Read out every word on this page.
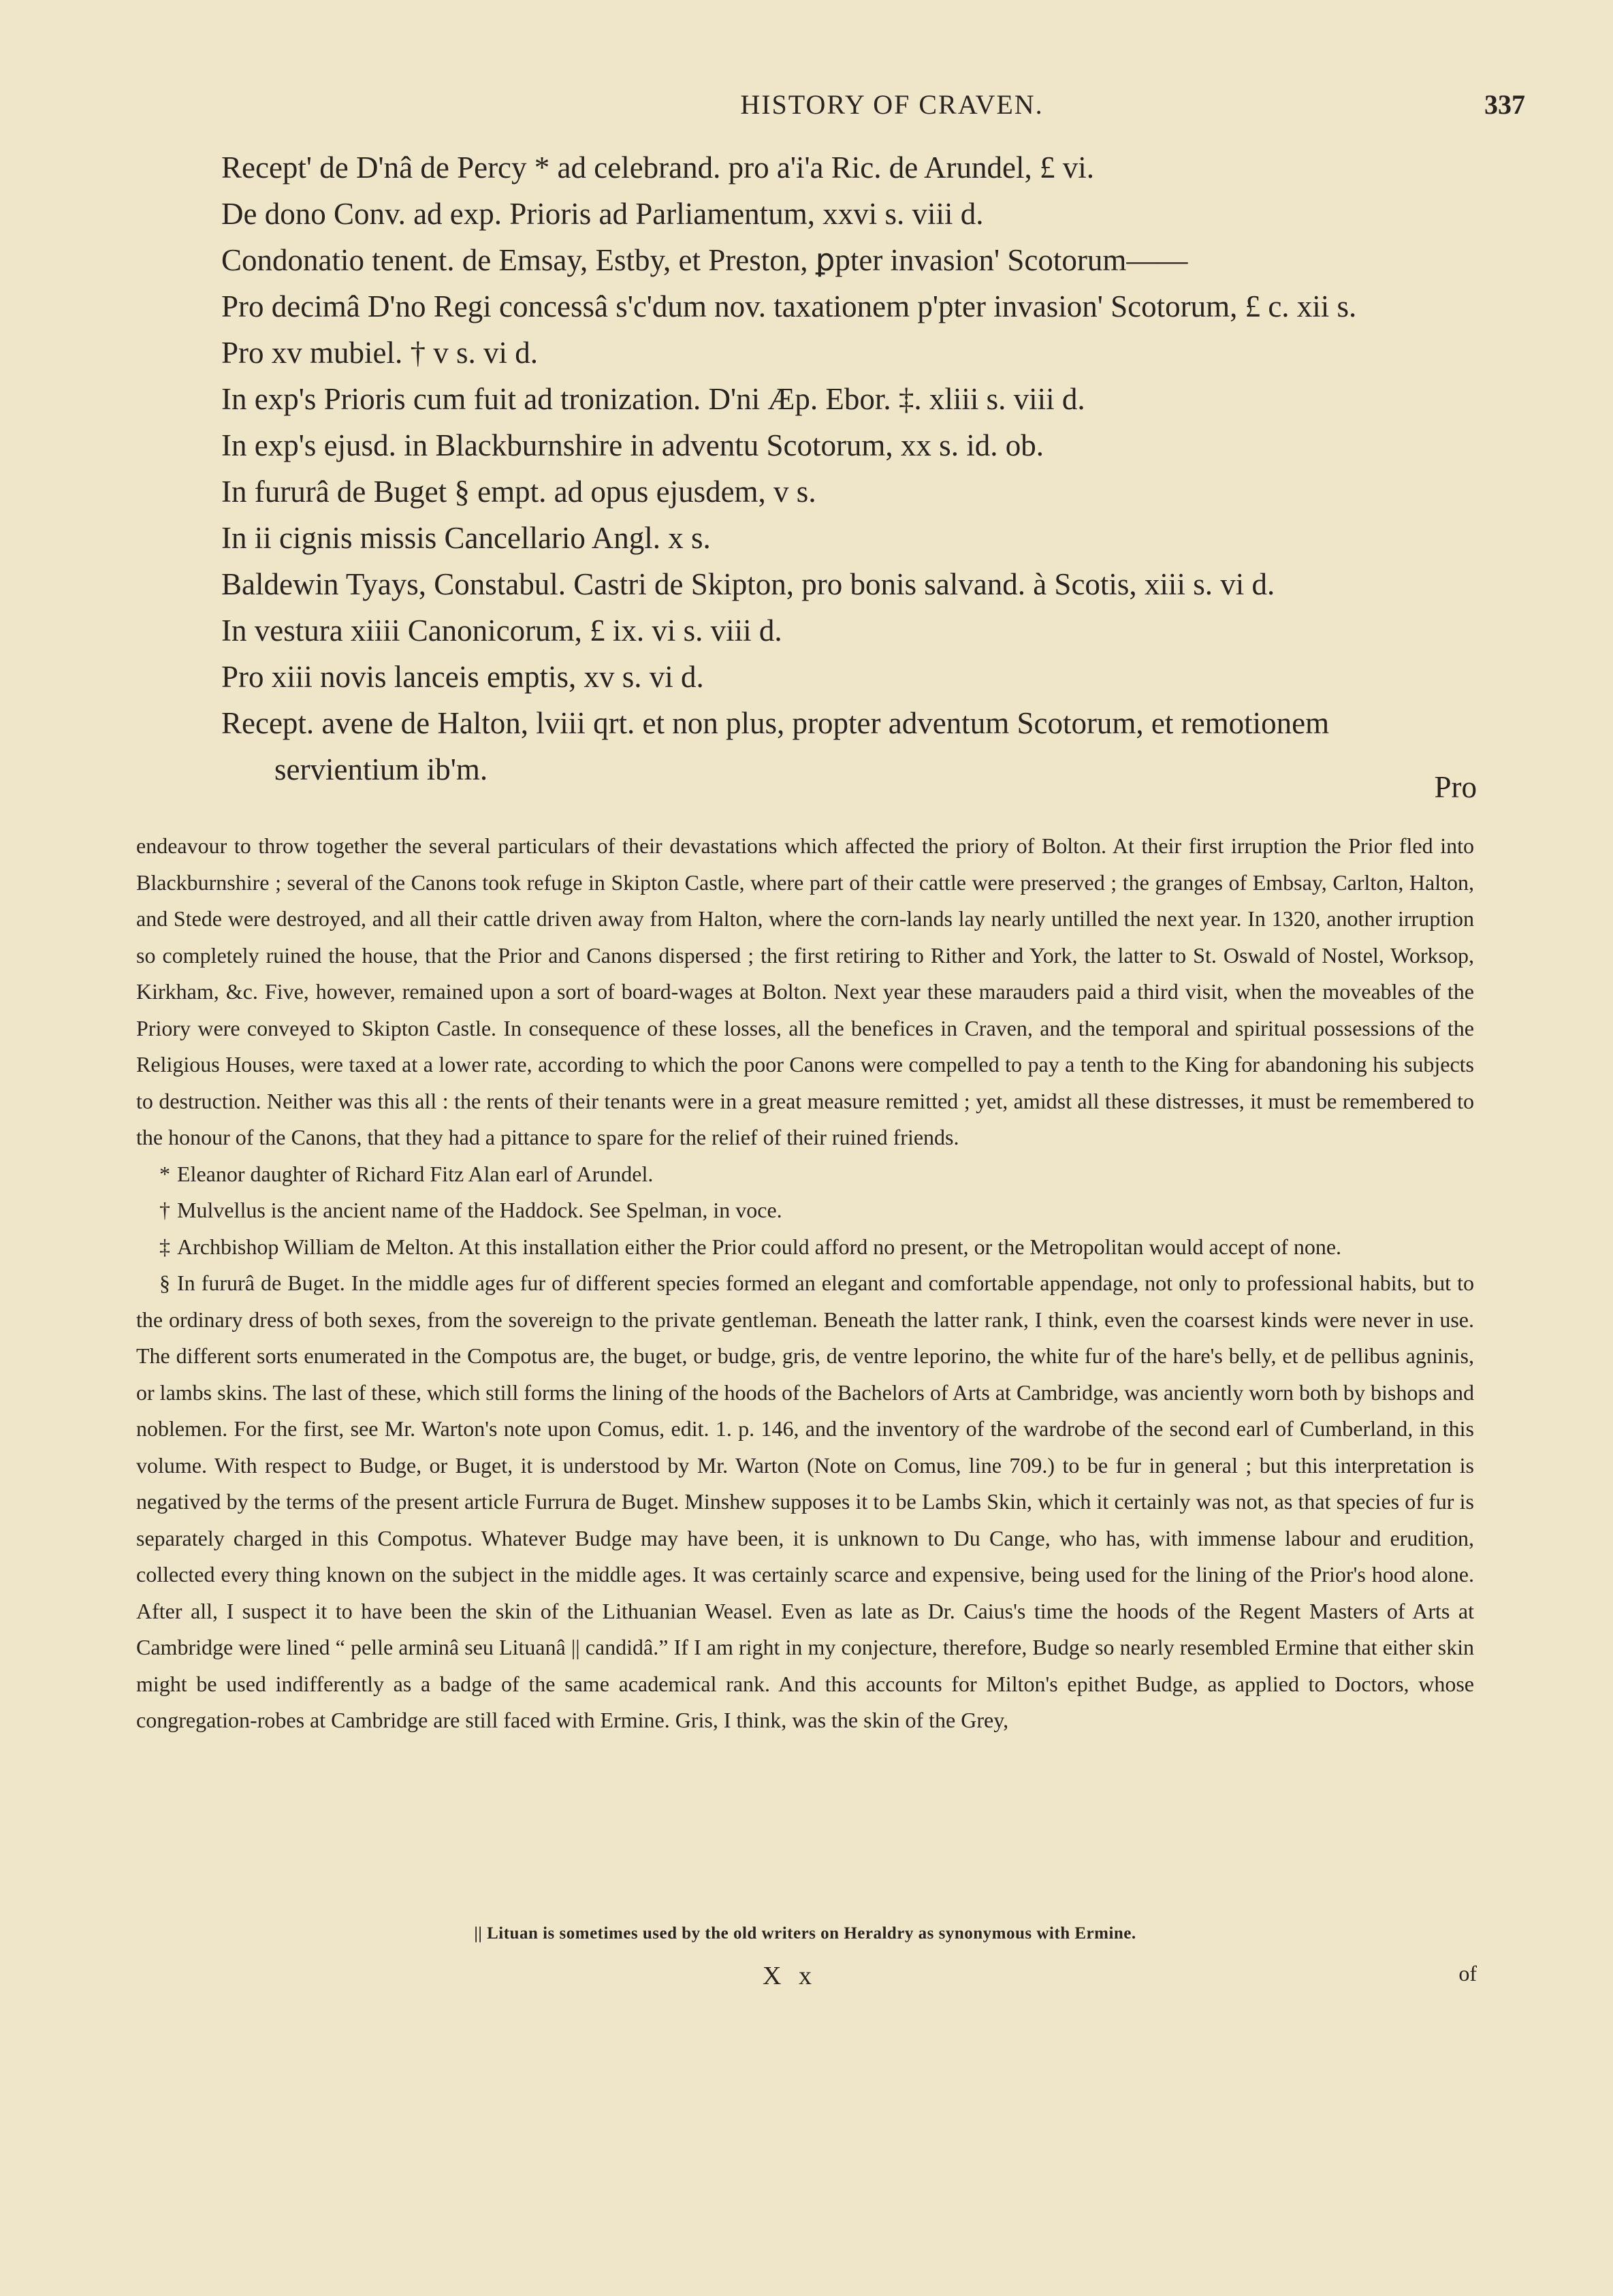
HISTORY OF CRAVEN.	337
Recept' de D'nâ de Percy * ad celebrand. pro a'i'a Ric. de Arundel, £ vi.
De dono Conv. ad exp. Prioris ad Parliamentum, xxvi s. viii d.
Condonatio tenent. de Emsay, Estby, et Preston, ꝑpter invasion' Scotorum——
Pro decimâ D'no Regi concessâ s'c'dum nov. taxationem p'pter invasion' Scotorum, £ c. xii s.
Pro xv mubiel. † v s. vi d.
In exp's Prioris cum fuit ad tronization. D'ni Æp. Ebor. ‡. xliii s. viii d.
In exp's ejusd. in Blackburnshire in adventu Scotorum, xx s. id. ob.
In fururâ de Buget § empt. ad opus ejusdem, v s.
In ii cignis missis Cancellario Angl. x s.
Baldewin Tyays, Constabul. Castri de Skipton, pro bonis salvand. à Scotis, xiii s. vi d.
In vestura xiiii Canonicorum, £ ix. vi s. viii d.
Pro xiii novis lanceis emptis, xv s. vi d.
Recept. avene de Halton, lviii qrt. et non plus, propter adventum Scotorum, et remotionem servientium ib'm.
Pro

endeavour to throw together the several particulars of their devastations which affected the priory of Bolton. At their first irruption the Prior fled into Blackburnshire ; several of the Canons took refuge in Skipton Castle, where part of their cattle were preserved ; the granges of Embsay, Carlton, Halton, and Stede were destroyed, and all their cattle driven away from Halton, where the corn-lands lay nearly untilled the next year. In 1320, another irruption so completely ruined the house, that the Prior and Canons dispersed ; the first retiring to Rither and York, the latter to St. Oswald of Nostel, Worksop, Kirkham, &c. Five, however, remained upon a sort of board-wages at Bolton. Next year these marauders paid a third visit, when the moveables of the Priory were conveyed to Skipton Castle. In consequence of these losses, all the benefices in Craven, and the temporal and spiritual possessions of the Religious Houses, were taxed at a lower rate, according to which the poor Canons were compelled to pay a tenth to the King for abandoning his subjects to destruction. Neither was this all : the rents of their tenants were in a great measure remitted ; yet, amidst all these distresses, it must be remembered to the honour of the Canons, that they had a pittance to spare for the relief of their ruined friends.

* Eleanor daughter of Richard Fitz Alan earl of Arundel.

† Mulvellus is the ancient name of the Haddock. See Spelman, in voce.

‡ Archbishop William de Melton. At this installation either the Prior could afford no present, or the Metropolitan would accept of none.

§ In fururâ de Buget. In the middle ages fur of different species formed an elegant and comfortable appendage, not only to professional habits, but to the ordinary dress of both sexes, from the sovereign to the private gentleman. Beneath the latter rank, I think, even the coarsest kinds were never in use. The different sorts enumerated in the Compotus are, the buget, or budge, gris, de ventre leporino, the white fur of the hare's belly, et de pellibus agninis, or lambs skins. The last of these, which still forms the lining of the hoods of the Bachelors of Arts at Cambridge, was anciently worn both by bishops and noblemen. For the first, see Mr. Warton's note upon Comus, edit. 1. p. 146, and the inventory of the wardrobe of the second earl of Cumberland, in this volume. With respect to Budge, or Buget, it is understood by Mr. Warton (Note on Comus, line 709.) to be fur in general ; but this interpretation is negatived by the terms of the present article Furrura de Buget. Minshew supposes it to be Lambs Skin, which it certainly was not, as that species of fur is separately charged in this Compotus. Whatever Budge may have been, it is unknown to Du Cange, who has, with immense labour and erudition, collected every thing known on the subject in the middle ages. It was certainly scarce and expensive, being used for the lining of the Prior's hood alone. After all, I suspect it to have been the skin of the Lithuanian Weasel. Even as late as Dr. Caius's time the hoods of the Regent Masters of Arts at Cambridge were lined “ pelle arminâ seu Lituanâ || candidâ.” If I am right in my conjecture, therefore, Budge so nearly resembled Ermine that either skin might be used indifferently as a badge of the same academical rank. And this accounts for Milton's epithet Budge, as applied to Doctors, whose congregation-robes at Cambridge are still faced with Ermine. Gris, I think, was the skin of the Grey,

|| Lituan is sometimes used by the old writers on Heraldry as synonymous with Ermine.
X x	of
